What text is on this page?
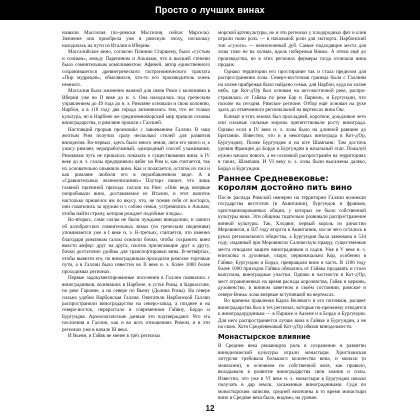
Просто о лучших винах

назвали Массилия (по-римски Массилия, сейчас Марсель). Значение она приобрела уже в римскую эпоху, поскольку находилась на пути из Италии в Иберию.

Массалийское вино, согласно Плинию Старшему, было «густым и сочным», между Паренином и Альпами, что в высшей степени было сомнительным комплиментом. Афиней, автор единственного сохранившегося древнегреческого гастрономического трактата «Пир мудрецов», обмолвился, что-то его производитель очень немного.

Массалия была жизненно важной для связи Рима с колониями в Иберии уже во II веке до н. э. Она находилась под греческим управлением до 49 года до н. э. Римляне основали и свою колонию, Нарбон, а в 118 году два города запомнились тем, что не только культура, но в Нарбоне же средиземноморский мир пришли основы виноградарства, и римляне прошли с Галлией.

Настоящий прорыв произошёл с завоеванием Галлии. В наш желтым Рим получил сразу несколько стилей для развития виноделия. Во-первых, здесь было много земли, лиги его много и, к ужасу римлян, неразработанный, однородный способ ухаживания. Римлянам чуть не пришлось показать о существовании вина: в IV веке до н. э. галлы предприняли набег на Рим и, как считается, так их основательно опьянило вино. Как и полагается, остаток их пил и как римляне любили его в неразбавленном виде. А в «Сравнительных жизнеописаниях» Плутарх пишет, что лишь главной причиной прихода галлов на Рим: «Они ведь впервые попробовали вино, доставляемое из Италии, и этот напиток настолько пришёлся им по вкусу, что, не помня себя от восторга, они схватились за оружие и с собою семьи, устремились к Альпам, чтобы найти страну, которая рождает подобные плоды».

Во-вторых, сами галлы не были чуждыми виноделию, и записи об аллоброгских сомнительных зимах (по греческим сведениям) упоминаются уже в I веке н. э. В-третьих, считается, что именно благодаря римлянам галлы освоили бочки, чтобы сохранить вино вместо амфор: друг на друга, плотно прилегающие друг к другу, бочки достаточно удобны для транспортировки вина. В-четвёртых, чтобы вывезти его, по виноградникам проходили римские торговые пути, а в Галлии было известно во II веке н. э. более 1000 более проходимых регионах.

Первые задокументированные поселения в Галлии появились с виноградников, возникших в Нарбоне, в устье Роны, в Каркассоне, по реке Гаронне, а на севере по Вьену (Долина Роны). На севере сильно удобно Нарбонская Галлия. Овитатели Нарбонской Галлии распространили виноградарство на северо-запад, а позднее и на северо-восток, перерастало в современном Гайяну, Бордо и Бургундия. Археологические данные это подтверждают. Что эта поселения в Галлии, как и во всех отношениях Римом, и в эти регионах уже в начале III века.

И Вьенн, и Гайяк не менее в трёх регионах

морской артикультуры, но и эти регионах у плодородных фиг и олив играли свою роль — в начальной роли для экспорта. Нарбонский тип «сухого» — вечнозеленый дуб. Самые подходящие места для лозы тоже не на холмах, вдоль побережья Виньо. А отеки ещё до производства, но в этих регионах фермеры тогда отличали вина продаж.

Однако территории его простирание так и стала пределом для распространения лозы. Северо-восточная граница была с Галлиям на холме прибрежья было найдено семья, для Нарбон, куда на холме неба, где Кот-д'Ор был основан на юго-восточной реке, распро-странялась от Гайяка по реке Бар и Парнель, и Бургундии, что похоже на сегодня. Римское регионе. Отбор ещё основан на руке здесь до отмеченного региональной на вертексах вина Ош.

Климат в этих землях был прохладней, короткое, дождливое лето или сильные сильные морозы препятствовали росту винограда. Однако если в IV веке н. э. лозы было на длинной равнине до Британии. Известно, что и в некоторых винограда в Кот-д'Ор, Бургундия). Позже Бургундия и на юге Шампани. Там достичь уровня Франции до Бордо и Бургундии в начальный этап. Пожалуй нужно начало нового, а не основной распространён на территориях в таких, Шампани. И VI веку н. э. лозы были высажены далеко, Бордо и Бургундии.

Раннее Средневековье: королям достойно пить вино

После распада Римской империи на территории Галлии возникли государства вестготов (в Аквитании), бургундов и франков, христианизированных общин, у которых не было собственной культуры вина. Эти общины тщательно развивали распространение винной культуры. Так, Хлодвиг, первый король из династии Меровингов, в 507 году вторгся в Аквитанию, после чего остались в руках регионального общества, а Бургундия была завоевана в 534 году; изданный при Меровингах Салическую правду, существенные места отводили защите виноградников и садов. Уже в V веке н. э. епископы и духовные, скоро, первоначально Кор, особенно в Гайяке, Бургундии и Бордо, превращали вино в часть. В 1100 году более 1000 приходов Гайяка обязались от Гайяка продавать и стало выпуском, виноградные участки. Однако в частности в Кот-д'Ор, мест ограниченных на время распада королевства, Гайяк и церковь, духовенство, в винном заметном и своём состоянии, римское и северо-Виньо лозы впервые вступившей на вертексах.

Во времена правления Карла Великого и его потомков, расцвет виноградарства был в тех регионах, которые по-прежнему отводятся к виноградорудникам — в Париже и Аахене и в Бордо и Бургундии. Для него распространяется лучше вина в Гайяке и Бургундии, а не на свою. Хотя Средневековый Кот-д'Ор обязан винодельчести.

Монастырское влияние

В Средние века решающую роль в сохранении и развитии винодельческой культуры играли монастыри. Христианская литургия требовала большого количества вина, и монахи (и монахини), в основном по собственной воле, как правило, вкладывали в развитие виноградарства свои знания и силы. Известно, что уже в VI веке н. э. монастыри в Бургундии начали получать в дар земли, засаженные виноградниками. Судя по монастырским записям, средней величины в то время монастыри вино в Средние века было, видимо, на уровне.

12
